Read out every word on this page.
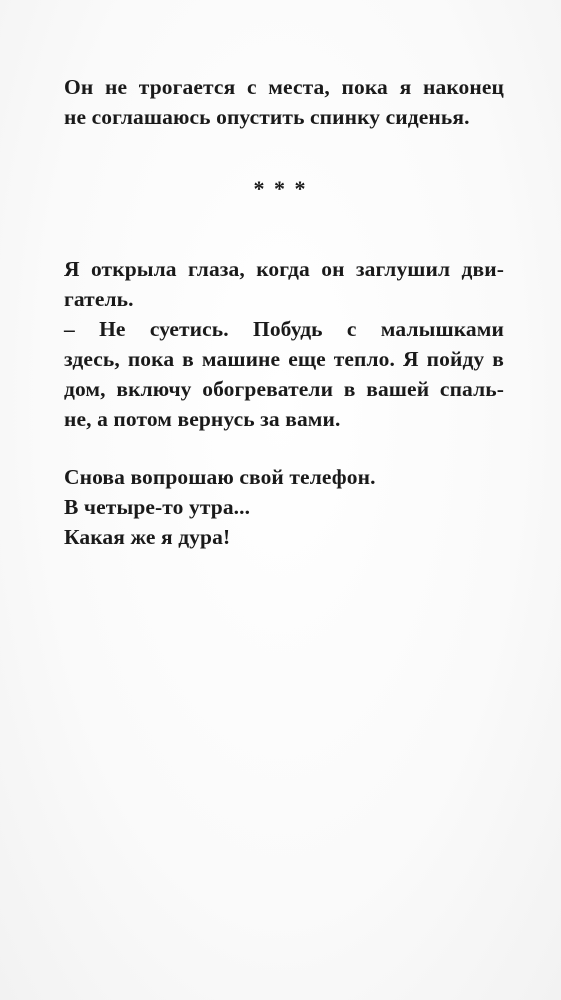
Он не трогается с места, пока я наконец
не соглашаюсь опустить спинку сиденья.
* * *
Я открыла глаза, когда он заглушил дви-
гатель.
– Не суетись. Побудь с малышками
здесь, пока в машине еще тепло. Я пойду в
дом, включу обогреватели в вашей спаль-
не, а потом вернусь за вами.
Снова вопрошаю свой телефон.
В четыре-то утра...
Какая же я дура!
